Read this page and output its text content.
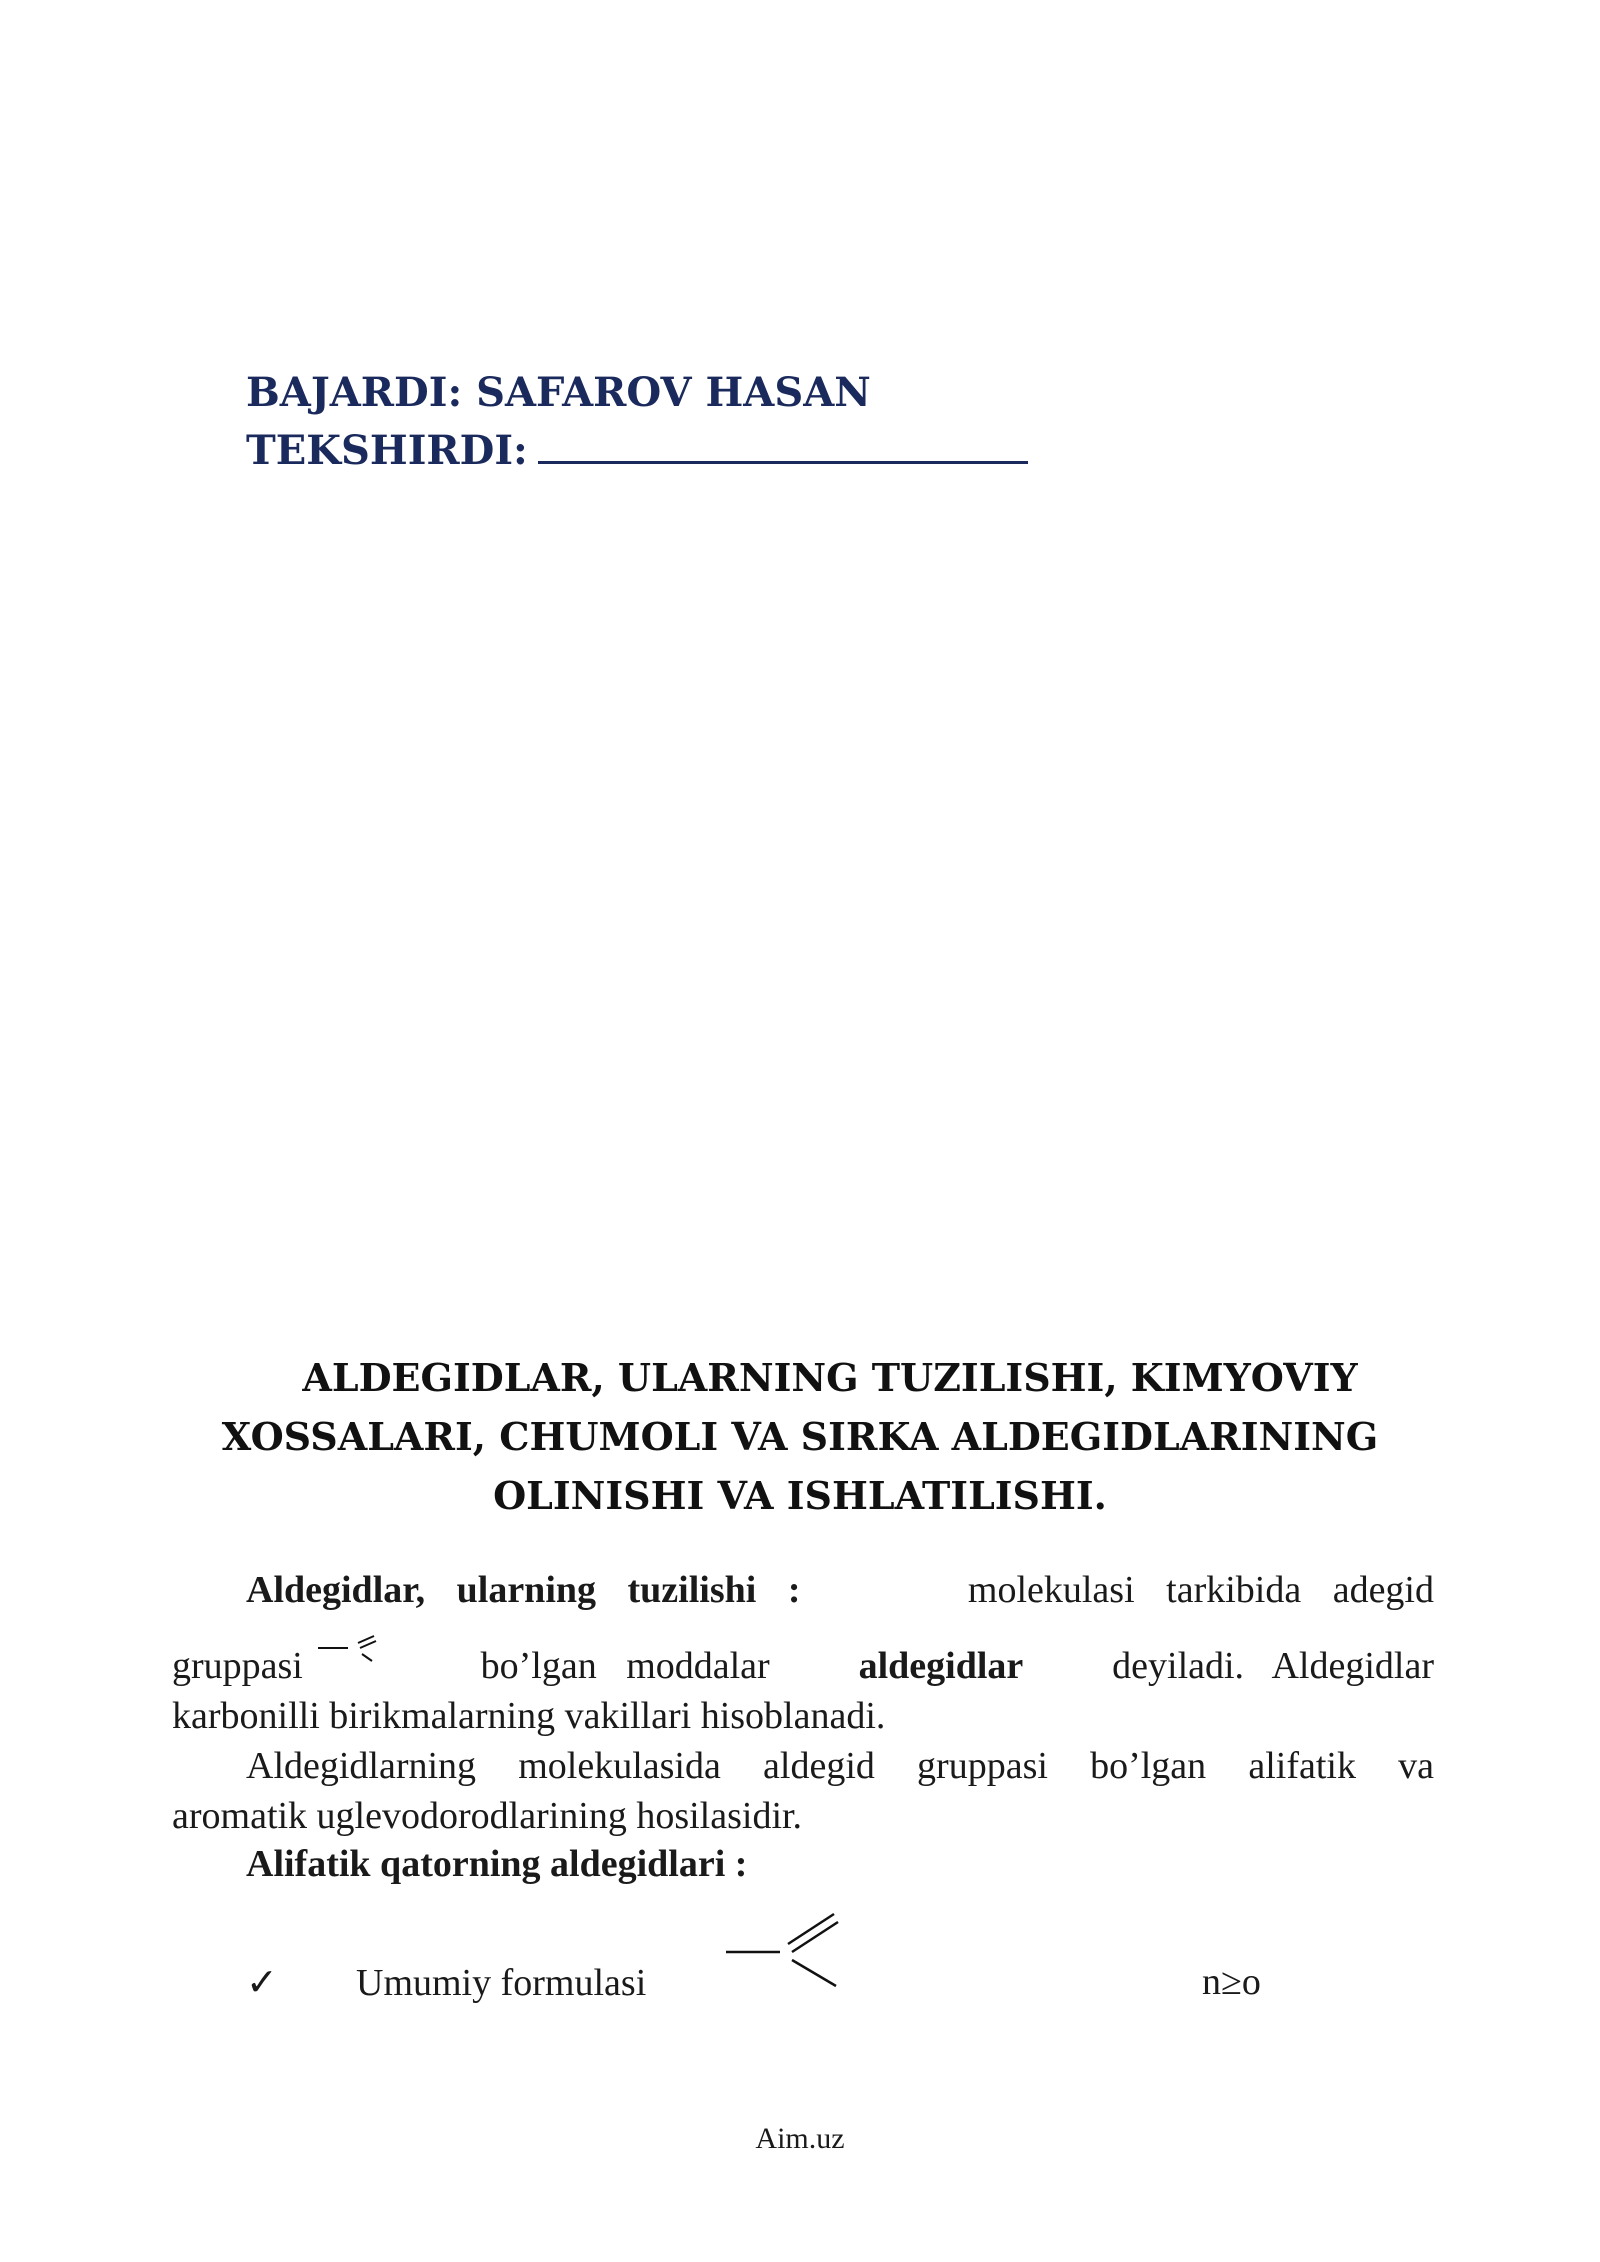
BAJARDI: SAFAROV HASAN
TEKSHIRDI:
ALDEGIDLAR, ULARNING TUZILISHI, KIMYOVIY
XOSSALARI, CHUMOLI VA SIRKA ALDEGIDLARINING
OLINISHI VA ISHLATILISHI.
Aldegidlar, ularning tuzilishi :	molekulasi tarkibida adegid
gruppasi	bo’lgan moddalar aldegidlar deyiladi. Aldegidlar
karbonilli birikmalarning vakillari hisoblanadi.
Aldegidlarning molekulasida aldegid gruppasi bo’lgan alifatik va
aromatik uglevodorodlarining hosilasidir.
Alifatik qatorning aldegidlari :
✓ Umumiy formulasi	n≥o
Aim.uz
